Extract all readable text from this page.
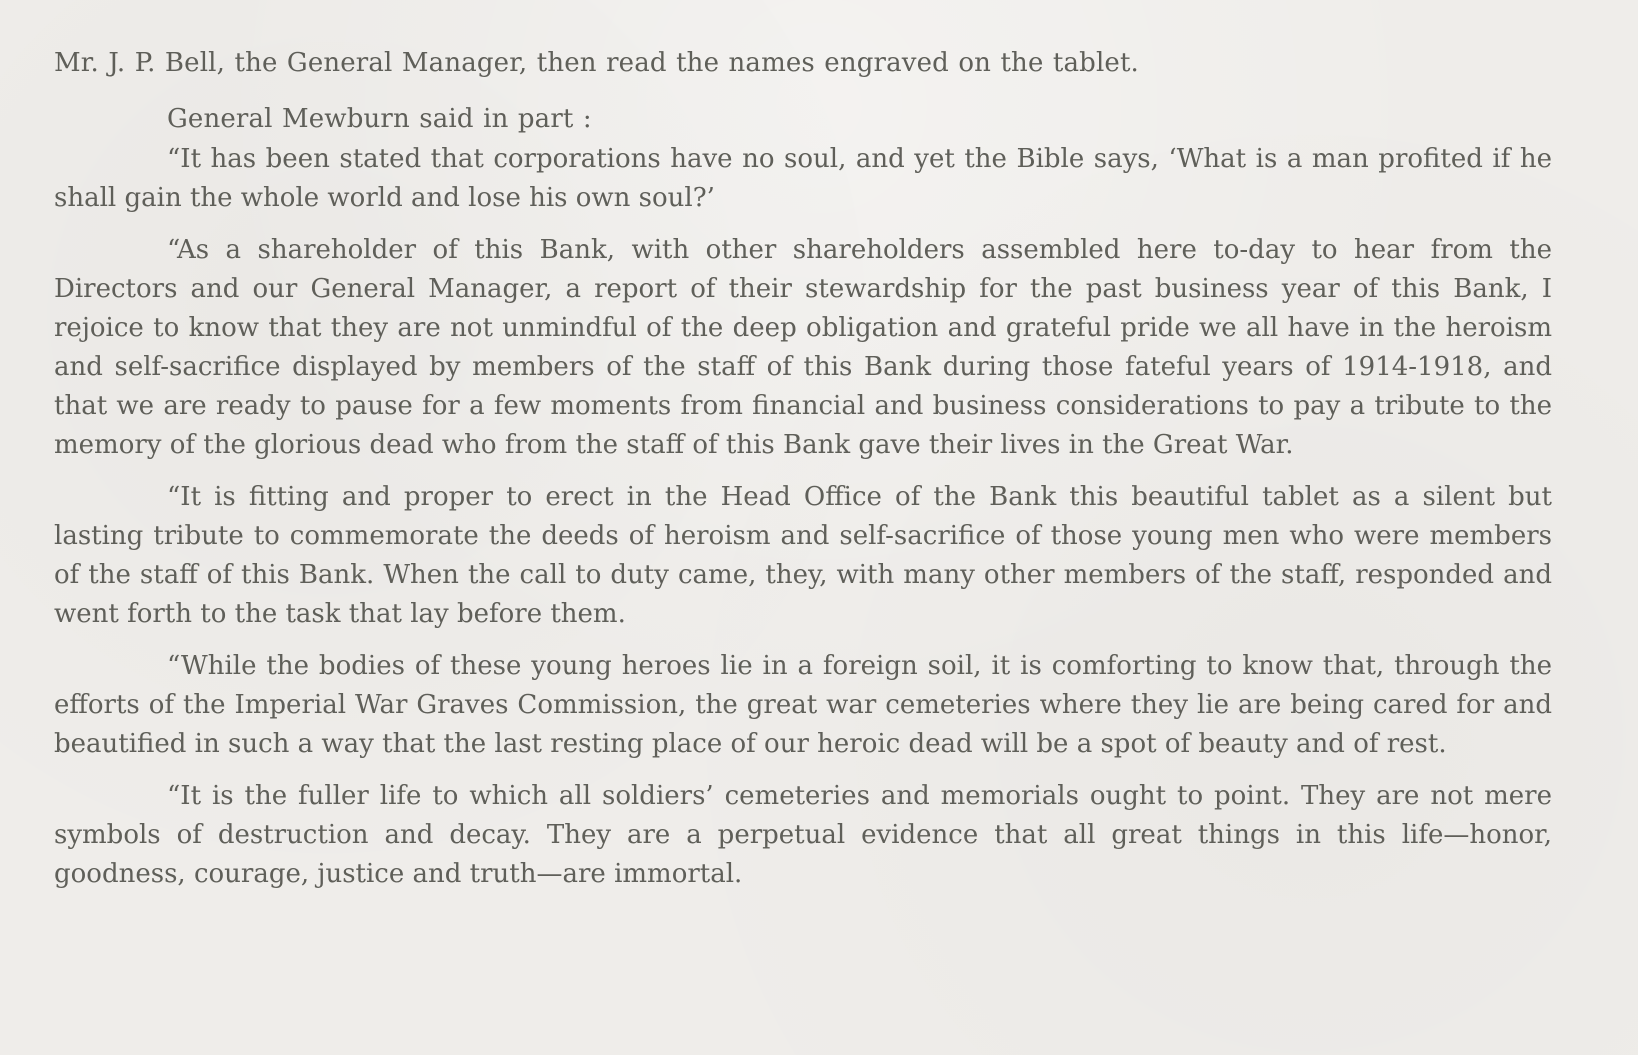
Mr. J. P. Bell, the General Manager, then read the names engraved on the tablet.

General Mewburn said in part :

“It has been stated that corporations have no soul, and yet the Bible says, ‘What is a man profited if he shall gain the whole world and lose his own soul?’

“As a shareholder of this Bank, with other shareholders assembled here to-day to hear from the Directors and our General Manager, a report of their stewardship for the past business year of this Bank, I rejoice to know that they are not unmindful of the deep obligation and grateful pride we all have in the heroism and self-sacrifice displayed by members of the staff of this Bank during those fateful years of 1914-1918, and that we are ready to pause for a few moments from financial and business considerations to pay a tribute to the memory of the glorious dead who from the staff of this Bank gave their lives in the Great War.

“It is fitting and proper to erect in the Head Office of the Bank this beautiful tablet as a silent but lasting tribute to commemorate the deeds of heroism and self-sacrifice of those young men who were members of the staff of this Bank. When the call to duty came, they, with many other members of the staff, responded and went forth to the task that lay before them.

“While the bodies of these young heroes lie in a foreign soil, it is comforting to know that, through the efforts of the Imperial War Graves Commission, the great war cemeteries where they lie are being cared for and beautified in such a way that the last resting place of our heroic dead will be a spot of beauty and of rest.

“It is the fuller life to which all soldiers’ cemeteries and memorials ought to point. They are not mere symbols of destruction and decay. They are a perpetual evidence that all great things in this life—honor, goodness, courage, justice and truth—are immortal.
